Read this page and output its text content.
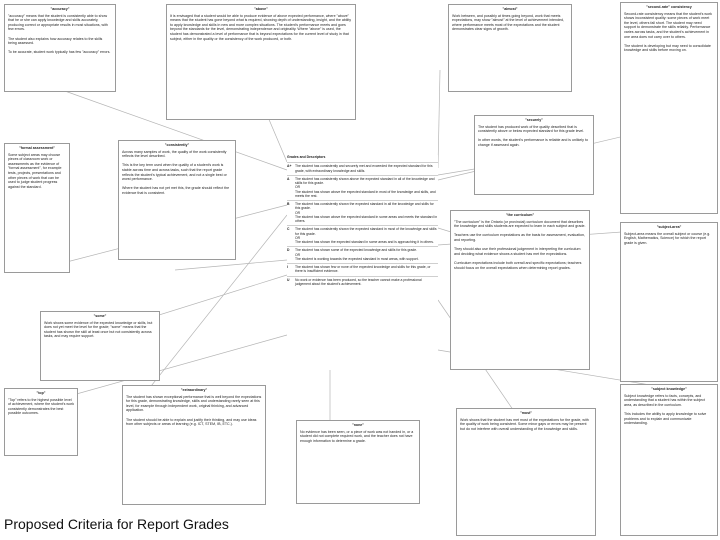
"accuracy"
"accuracy" means that the student is consistently able to show that he or she can apply knowledge and skills accurately, producing correct or appropriate results in most situations, with few errors.

The student also explains how accuracy relates to the skills being assessed.

To be accurate, student work typically has few "accuracy" errors.
"above"
It is envisaged that a student would be able to produce evidence of above expected performance, where "above" means that the student has gone beyond what is required, showing depth of understanding, insight, and the ability to apply knowledge and skills in new and more complex situations. The student's performance meets and goes beyond the standards for the level, demonstrating independence and originality. Where "above" is used, the student has demonstrated a level of performance that is beyond expectations for the current level of study in that subject, either in the quality or the consistency of the work produced, or both.
"almost"
Work between, and possibly at times going beyond, work that meets expectations, may show "almost" at the level of achievement intended, where performance meets most of the expectations and the student demonstrates clear signs of growth.
"second-rate" consistency
Second-rate consistency means that the student's work shows inconsistent quality: some pieces of work meet the level, others fall short. The student may need support to demonstrate the skills reliably. Performance varies across tasks, and the student's achievement in one area does not carry over to others.

The student is developing but may need to consolidate knowledge and skills before moving on.
"consistently"
Across many samples of work, the quality of the work consistently reflects the level described.

This is the key term used when the quality of a student's work is stable across time and across tasks, such that the report grade reflects the student's typical achievement, and not a single best or worst performance.

Where the student has not yet met this, the grade should reflect the evidence that is consistent.
"securely"
The student has produced work of the quality described that is consistently above or below expected standard for this grade level.

In other words, the student's performance is reliable and is unlikely to change if assessed again.
"formal assessment"
Some subject areas may choose pieces of classroom work or assessments as the evidence of "formal assessment", for example tests, projects, presentations and other pieces of work that can be used to judge student progress against the standard.
"the curriculum"
"The curriculum" is the Ontario (or provincial) curriculum document that describes the knowledge and skills students are expected to learn in each subject and grade.

Teachers use the curriculum expectations as the basis for assessment, evaluation, and reporting.

They should also use their professional judgement in interpreting the curriculum and deciding what evidence shows a student has met the expectations.

Curriculum expectations include both overall and specific expectations; teachers should focus on the overall expectations when determining report grades.
"some"
Work shows some evidence of the expected knowledge or skills, but does not yet meet the level for the grade; "some" means that the student has shown the skill at least once but not consistently across tasks, and may require support.
"extraordinary"
The student has shown exceptional performance that is well beyond the expectations for this grade, demonstrating knowledge, skills and understanding rarely seen at this level, for example through independent work, original thinking, and advanced application.

The student should be able to explain and justify their thinking, and may use ideas from other subjects or areas of learning (e.g. ICT, STEM, IB, ETC.).
"top"
"Top" refers to the highest possible level of achievement, where the student's work consistently demonstrates the best possible outcomes.
"none"
No evidence has been seen, or a piece of work was not handed in, or a student did not complete required work, and the teacher does not have enough information to determine a grade.
"most"
Work shows that the student has met most of the expectations for the grade, with the quality of work being consistent. Some minor gaps or errors may be present but do not interfere with overall understanding of the knowledge and skills.
"subject-area"
Subject-area means the overall subject or course (e.g. English, Mathematics, Science) for which the report grade is given.
"subject knowledge"
Subject knowledge refers to facts, concepts, and understanding that a student has within the subject area, as described in the curriculum.

This includes the ability to apply knowledge to solve problems and to explain and communicate understanding.
Grades and Descriptors
A+	The student has consistently and securely met and exceeded the expected standard for this grade, with extraordinary knowledge and skills.
A	The student has consistently shown above the expected standard in all of the knowledge and skills for this grade.
OR
The student has shown above the expected standard in most of the knowledge and skills, and meets the rest.
B	The student has consistently shown the expected standard in all the knowledge and skills for this grade.
OR
The student has shown above the expected standard in some areas and meets the standard in others.
C	The student has consistently shown the expected standard in most of the knowledge and skills for this grade.
OR
The student has shown the expected standard in some areas and is approaching it in others.
D	The student has shown some of the expected knowledge and skills for this grade.
OR
The student is working towards the expected standard in most areas, with support.
I	The student has shown few or none of the expected knowledge and skills for this grade, or there is insufficient evidence.
U	No work or evidence has been produced, so the teacher cannot make a professional judgement about the student's achievement.
Proposed Criteria for Report Grades
